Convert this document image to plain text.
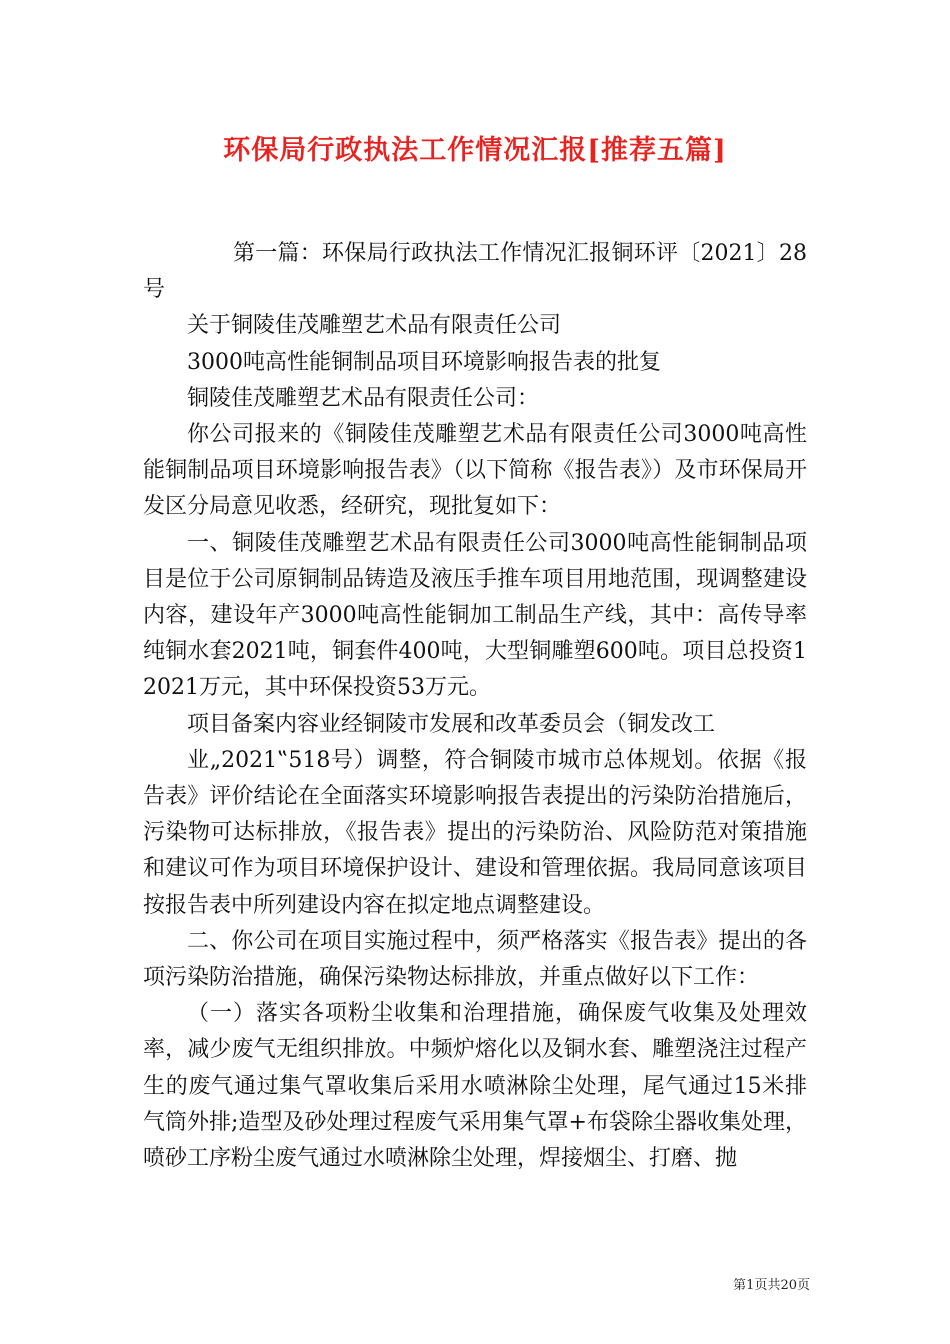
环保局行政执法工作情况汇报[推荐五篇]

第一篇：环保局行政执法工作情况汇报铜环评〔2021〕28号

关于铜陵佳茂雕塑艺术品有限责任公司

3000吨高性能铜制品项目环境影响报告表的批复

铜陵佳茂雕塑艺术品有限责任公司：

你公司报来的《铜陵佳茂雕塑艺术品有限责任公司3000吨高性能铜制品项目环境影响报告表》（以下简称《报告表》）及市环保局开发区分局意见收悉，经研究，现批复如下：

一、铜陵佳茂雕塑艺术品有限责任公司3000吨高性能铜制品项目是位于公司原铜制品铸造及液压手推车项目用地范围，现调整建设内容，建设年产3000吨高性能铜加工制品生产线，其中：高传导率纯铜水套2021吨，铜套件400吨，大型铜雕塑600吨。项目总投资12021万元，其中环保投资53万元。

项目备案内容业经铜陵市发展和改革委员会（铜发改工

业„2021‟518号）调整，符合铜陵市城市总体规划。依据《报告表》评价结论在全面落实环境影响报告表提出的污染防治措施后，污染物可达标排放，《报告表》提出的污染防治、风险防范对策措施和建议可作为项目环境保护设计、建设和管理依据。我局同意该项目按报告表中所列建设内容在拟定地点调整建设。

二、你公司在项目实施过程中，须严格落实《报告表》提出的各项污染防治措施，确保污染物达标排放，并重点做好以下工作：

（一）落实各项粉尘收集和治理措施，确保废气收集及处理效率，减少废气无组织排放。中频炉熔化以及铜水套、雕塑浇注过程产生的废气通过集气罩收集后采用水喷淋除尘处理，尾气通过15米排气筒外排;造型及砂处理过程废气采用集气罩+布袋除尘器收集处理，喷砂工序粉尘废气通过水喷淋除尘处理，焊接烟尘、打磨、抛

第1页共20页
